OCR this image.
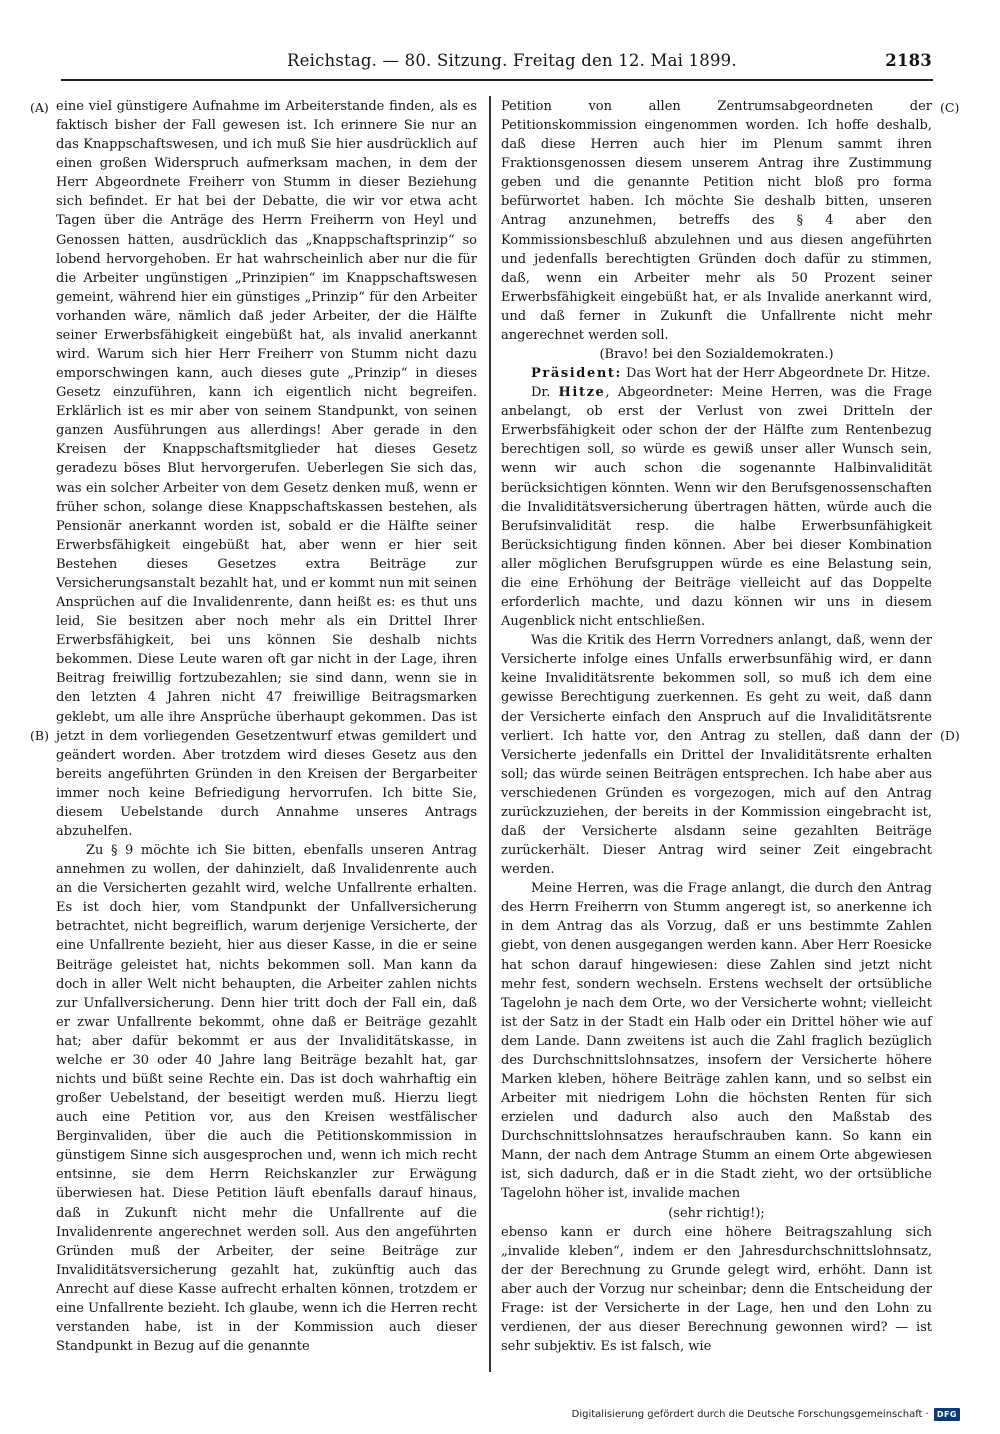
Reichstag. — 80. Sitzung. Freitag den 12. Mai 1899.	2183
(A)
(B)
(C)
(D)

eine viel günstigere Aufnahme im Arbeiterstande finden, als es faktisch bisher der Fall gewesen ist. Ich erinnere Sie nur an das Knappschaftswesen, und ich muß Sie hier ausdrücklich auf einen großen Widerspruch aufmerksam machen, in dem der Herr Abgeordnete Freiherr von Stumm in dieser Beziehung sich befindet. Er hat bei der Debatte, die wir vor etwa acht Tagen über die Anträge des Herrn Freiherrn von Heyl und Genossen hatten, ausdrücklich das „Knappschaftsprinzip“ so lobend hervorgehoben. Er hat wahrscheinlich aber nur die für die Arbeiter ungünstigen „Prinzipien“ im Knappschaftswesen gemeint, während hier ein günstiges „Prinzip“ für den Arbeiter vorhanden wäre, nämlich daß jeder Arbeiter, der die Hälfte seiner Erwerbsfähigkeit eingebüßt hat, als invalid anerkannt wird. Warum sich hier Herr Freiherr von Stumm nicht dazu emporschwingen kann, auch dieses gute „Prinzip“ in dieses Gesetz einzuführen, kann ich eigentlich nicht begreifen. Erklärlich ist es mir aber von seinem Standpunkt, von seinen ganzen Ausführungen aus allerdings! Aber gerade in den Kreisen der Knappschaftsmitglieder hat dieses Gesetz geradezu böses Blut hervorgerufen. Ueberlegen Sie sich das, was ein solcher Arbeiter von dem Gesetz denken muß, wenn er früher schon, solange diese Knappschaftskassen bestehen, als Pensionär anerkannt worden ist, sobald er die Hälfte seiner Erwerbsfähigkeit eingebüßt hat, aber wenn er hier seit Bestehen dieses Gesetzes extra Beiträge zur Versicherungsanstalt bezahlt hat, und er kommt nun mit seinen Ansprüchen auf die Invalidenrente, dann heißt es: es thut uns leid, Sie besitzen aber noch mehr als ein Drittel Ihrer Erwerbsfähigkeit, bei uns können Sie deshalb nichts bekommen. Diese Leute waren oft gar nicht in der Lage, ihren Beitrag freiwillig fortzubezahlen; sie sind dann, wenn sie in den letzten 4 Jahren nicht 47 freiwillige Beitragsmarken geklebt, um alle ihre Ansprüche überhaupt gekommen. Das ist jetzt in dem vorliegenden Gesetzentwurf etwas gemildert und geändert worden. Aber trotzdem wird dieses Gesetz aus den bereits angeführten Gründen in den Kreisen der Bergarbeiter immer noch keine Befriedigung hervorrufen. Ich bitte Sie, diesem Uebelstande durch Annahme unseres Antrags abzuhelfen.

Zu § 9 möchte ich Sie bitten, ebenfalls unseren Antrag annehmen zu wollen, der dahinzielt, daß Invalidenrente auch an die Versicherten gezahlt wird, welche Unfallrente erhalten. Es ist doch hier, vom Standpunkt der Unfallversicherung betrachtet, nicht begreiflich, warum derjenige Versicherte, der eine Unfallrente bezieht, hier aus dieser Kasse, in die er seine Beiträge geleistet hat, nichts bekommen soll. Man kann da doch in aller Welt nicht behaupten, die Arbeiter zahlen nichts zur Unfallversicherung. Denn hier tritt doch der Fall ein, daß er zwar Unfallrente bekommt, ohne daß er Beiträge gezahlt hat; aber dafür bekommt er aus der Invaliditätskasse, in welche er 30 oder 40 Jahre lang Beiträge bezahlt hat, gar nichts und büßt seine Rechte ein. Das ist doch wahrhaftig ein großer Uebelstand, der beseitigt werden muß. Hierzu liegt auch eine Petition vor, aus den Kreisen westfälischer Berginvaliden, über die auch die Petitionskommission in günstigem Sinne sich ausgesprochen und, wenn ich mich recht entsinne, sie dem Herrn Reichskanzler zur Erwägung überwiesen hat. Diese Petition läuft ebenfalls darauf hinaus, daß in Zukunft nicht mehr die Unfallrente auf die Invalidenrente angerechnet werden soll. Aus den angeführten Gründen muß der Arbeiter, der seine Beiträge zur Invaliditätsversicherung gezahlt hat, zukünftig auch das Anrecht auf diese Kasse aufrecht erhalten können, trotzdem er eine Unfallrente bezieht. Ich glaube, wenn ich die Herren recht verstanden habe, ist in der Kommission auch dieser Standpunkt in Bezug auf die genannte

Petition von allen Zentrumsabgeordneten der Petitionskommission eingenommen worden. Ich hoffe deshalb, daß diese Herren auch hier im Plenum sammt ihren Fraktionsgenossen diesem unserem Antrag ihre Zustimmung geben und die genannte Petition nicht bloß pro forma befürwortet haben. Ich möchte Sie deshalb bitten, unseren Antrag anzunehmen, betreffs des § 4 aber den Kommissionsbeschluß abzulehnen und aus diesen angeführten und jedenfalls berechtigten Gründen doch dafür zu stimmen, daß, wenn ein Arbeiter mehr als 50 Prozent seiner Erwerbsfähigkeit eingebüßt hat, er als Invalide anerkannt wird, und daß ferner in Zukunft die Unfallrente nicht mehr angerechnet werden soll.

(Bravo! bei den Sozialdemokraten.)

Präsident: Das Wort hat der Herr Abgeordnete Dr. Hitze.

Dr. Hitze, Abgeordneter: Meine Herren, was die Frage anbelangt, ob erst der Verlust von zwei Dritteln der Erwerbsfähigkeit oder schon der der Hälfte zum Rentenbezug berechtigen soll, so würde es gewiß unser aller Wunsch sein, wenn wir auch schon die sogenannte Halbinvalidität berücksichtigen könnten. Wenn wir den Berufsgenossenschaften die Invaliditätsversicherung übertragen hätten, würde auch die Berufsinvalidität resp. die halbe Erwerbsunfähigkeit Berücksichtigung finden können. Aber bei dieser Kombination aller möglichen Berufsgruppen würde es eine Belastung sein, die eine Erhöhung der Beiträge vielleicht auf das Doppelte erforderlich machte, und dazu können wir uns in diesem Augenblick nicht entschließen.

Was die Kritik des Herrn Vorredners anlangt, daß, wenn der Versicherte infolge eines Unfalls erwerbsunfähig wird, er dann keine Invaliditätsrente bekommen soll, so muß ich dem eine gewisse Berechtigung zuerkennen. Es geht zu weit, daß dann der Versicherte einfach den Anspruch auf die Invaliditätsrente verliert. Ich hatte vor, den Antrag zu stellen, daß dann der Versicherte jedenfalls ein Drittel der Invaliditätsrente erhalten soll; das würde seinen Beiträgen entsprechen. Ich habe aber aus verschiedenen Gründen es vorgezogen, mich auf den Antrag zurückzuziehen, der bereits in der Kommission eingebracht ist, daß der Versicherte alsdann seine gezahlten Beiträge zurückerhält. Dieser Antrag wird seiner Zeit eingebracht werden.

Meine Herren, was die Frage anlangt, die durch den Antrag des Herrn Freiherrn von Stumm angeregt ist, so anerkenne ich in dem Antrag das als Vorzug, daß er uns bestimmte Zahlen giebt, von denen ausgegangen werden kann. Aber Herr Roesicke hat schon darauf hingewiesen: diese Zahlen sind jetzt nicht mehr fest, sondern wechseln. Erstens wechselt der ortsübliche Tagelohn je nach dem Orte, wo der Versicherte wohnt; vielleicht ist der Satz in der Stadt ein Halb oder ein Drittel höher wie auf dem Lande. Dann zweitens ist auch die Zahl fraglich bezüglich des Durchschnittslohnsatzes, insofern der Versicherte höhere Marken kleben, höhere Beiträge zahlen kann, und so selbst ein Arbeiter mit niedrigem Lohn die höchsten Renten für sich erzielen und dadurch also auch den Maßstab des Durchschnittslohnsatzes heraufschrauben kann. So kann ein Mann, der nach dem Antrage Stumm an einem Orte abgewiesen ist, sich dadurch, daß er in die Stadt zieht, wo der ortsübliche Tagelohn höher ist, invalide machen

(sehr richtig!);

ebenso kann er durch eine höhere Beitragszahlung sich „invalide kleben“, indem er den Jahresdurchschnittslohnsatz, der der Berechnung zu Grunde gelegt wird, erhöht. Dann ist aber auch der Vorzug nur scheinbar; denn die Entscheidung der Frage: ist der Versicherte in der Lage, hen und den Lohn zu verdienen, der aus dieser Berechnung gewonnen wird? — ist sehr subjektiv. Es ist falsch, wie

Digitalisierung gefördert durch die Deutsche Forschungsgemeinschaft ·	DFG
